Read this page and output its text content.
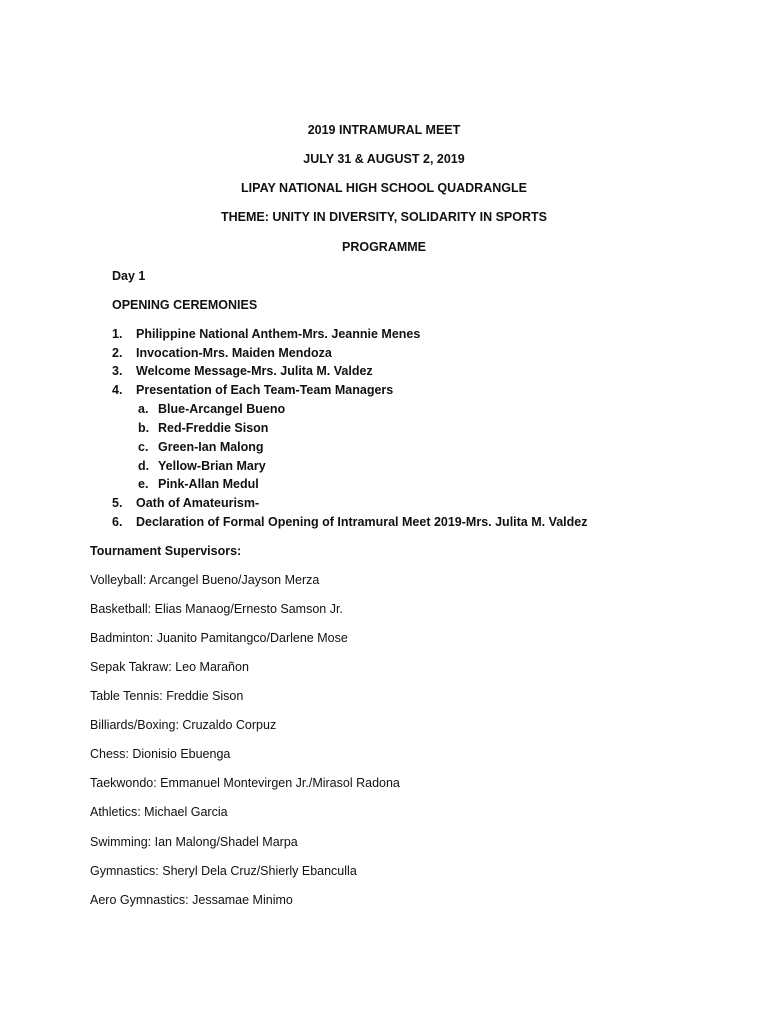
2019 INTRAMURAL MEET
JULY 31 & AUGUST 2, 2019
LIPAY NATIONAL HIGH SCHOOL QUADRANGLE
THEME: UNITY IN DIVERSITY, SOLIDARITY IN SPORTS
PROGRAMME
Day 1
OPENING CEREMONIES
1. Philippine National Anthem-Mrs. Jeannie Menes
2. Invocation-Mrs. Maiden Mendoza
3. Welcome Message-Mrs. Julita M. Valdez
4. Presentation of Each Team-Team Managers
a. Blue-Arcangel Bueno
b. Red-Freddie Sison
c. Green-Ian Malong
d. Yellow-Brian Mary
e. Pink-Allan Medul
5. Oath of Amateurism-
6. Declaration of Formal Opening of Intramural Meet 2019-Mrs. Julita M. Valdez
Tournament Supervisors:
Volleyball: Arcangel Bueno/Jayson Merza
Basketball: Elias Manaog/Ernesto Samson Jr.
Badminton: Juanito Pamitangco/Darlene Mose
Sepak Takraw: Leo Marañon
Table Tennis: Freddie Sison
Billiards/Boxing: Cruzaldo Corpuz
Chess: Dionisio Ebuenga
Taekwondo: Emmanuel Montevirgen Jr./Mirasol Radona
Athletics: Michael Garcia
Swimming: Ian Malong/Shadel Marpa
Gymnastics: Sheryl Dela Cruz/Shierly Ebanculla
Aero Gymnastics: Jessamae Minimo
